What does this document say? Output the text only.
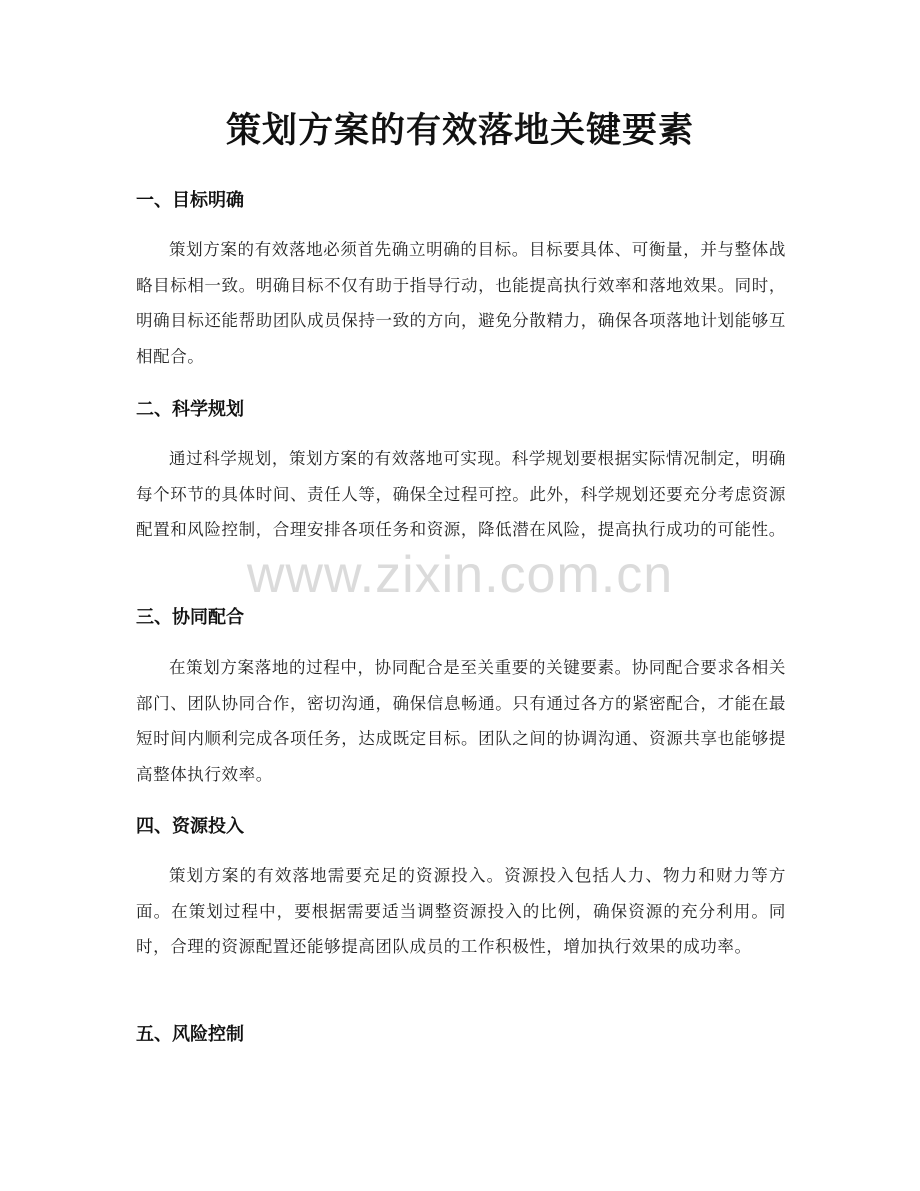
策划方案的有效落地关键要素
一、目标明确

策划方案的有效落地必须首先确立明确的目标。目标要具体、可衡量，并与整体战略目标相一致。明确目标不仅有助于指导行动，也能提高执行效率和落地效果。同时，明确目标还能帮助团队成员保持一致的方向，避免分散精力，确保各项落地计划能够互相配合。

二、科学规划

通过科学规划，策划方案的有效落地可实现。科学规划要根据实际情况制定，明确每个环节的具体时间、责任人等，确保全过程可控。此外，科学规划还要充分考虑资源配置和风险控制，合理安排各项任务和资源，降低潜在风险，提高执行成功的可能性。

三、协同配合

在策划方案落地的过程中，协同配合是至关重要的关键要素。协同配合要求各相关部门、团队协同合作，密切沟通，确保信息畅通。只有通过各方的紧密配合，才能在最短时间内顺利完成各项任务，达成既定目标。团队之间的协调沟通、资源共享也能够提高整体执行效率。

四、资源投入

策划方案的有效落地需要充足的资源投入。资源投入包括人力、物力和财力等方面。在策划过程中，要根据需要适当调整资源投入的比例，确保资源的充分利用。同时，合理的资源配置还能够提高团队成员的工作积极性，增加执行效果的成功率。

五、风险控制
www.zixin.com.cn
